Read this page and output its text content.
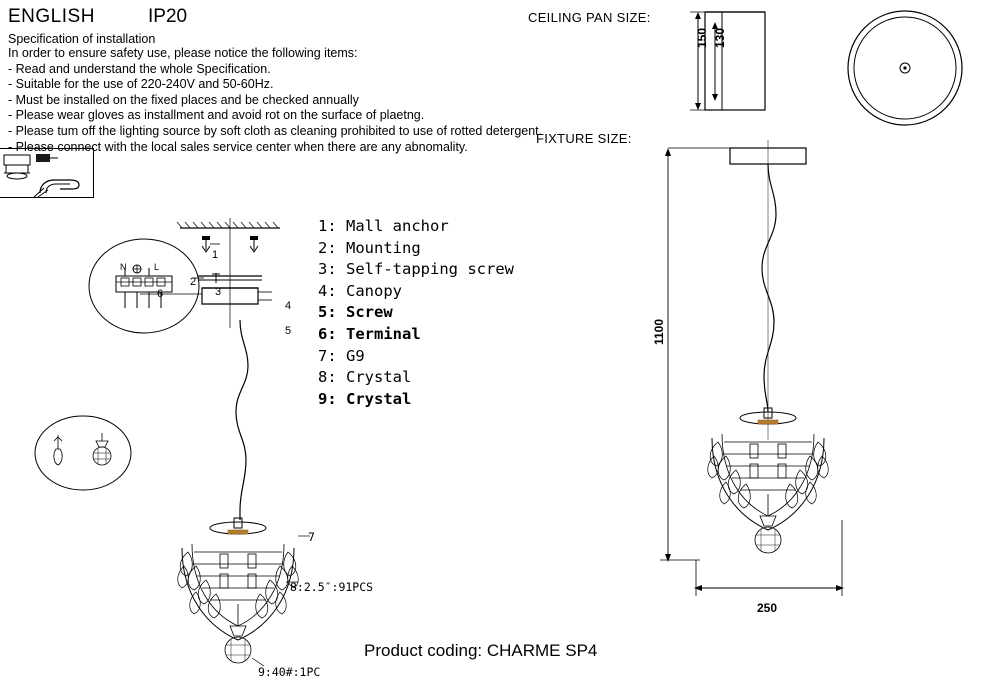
ENGLISH	IP20
Specification of installation
In order to ensure safety use, please notice the following items:
- Read and understand the whole Specification.
- Suitable for the use of 220-240V and 50-60Hz.
- Must be installed on the fixed places and be checked annually
- Please wear gloves as installment and avoid rot on the surface of plaetng.
- Please tum off the lighting source by soft cloth as cleaning prohibited to use of rotted detergent.
- Please connect with the local sales service center when there are any abnomality.
CEILING PAN SIZE:
FIXTURE SIZE:
150 130
N	L
1
2
3
4
5
6
7
8:2.5″:91PCS
9:40#:1PC
1: Mall anchor
2: Mounting
3: Self-tapping screw
4: Canopy
5: Screw
6: Terminal
7: G9
8: Crystal
9: Crystal
1100
250
Product coding: CHARME SP4
